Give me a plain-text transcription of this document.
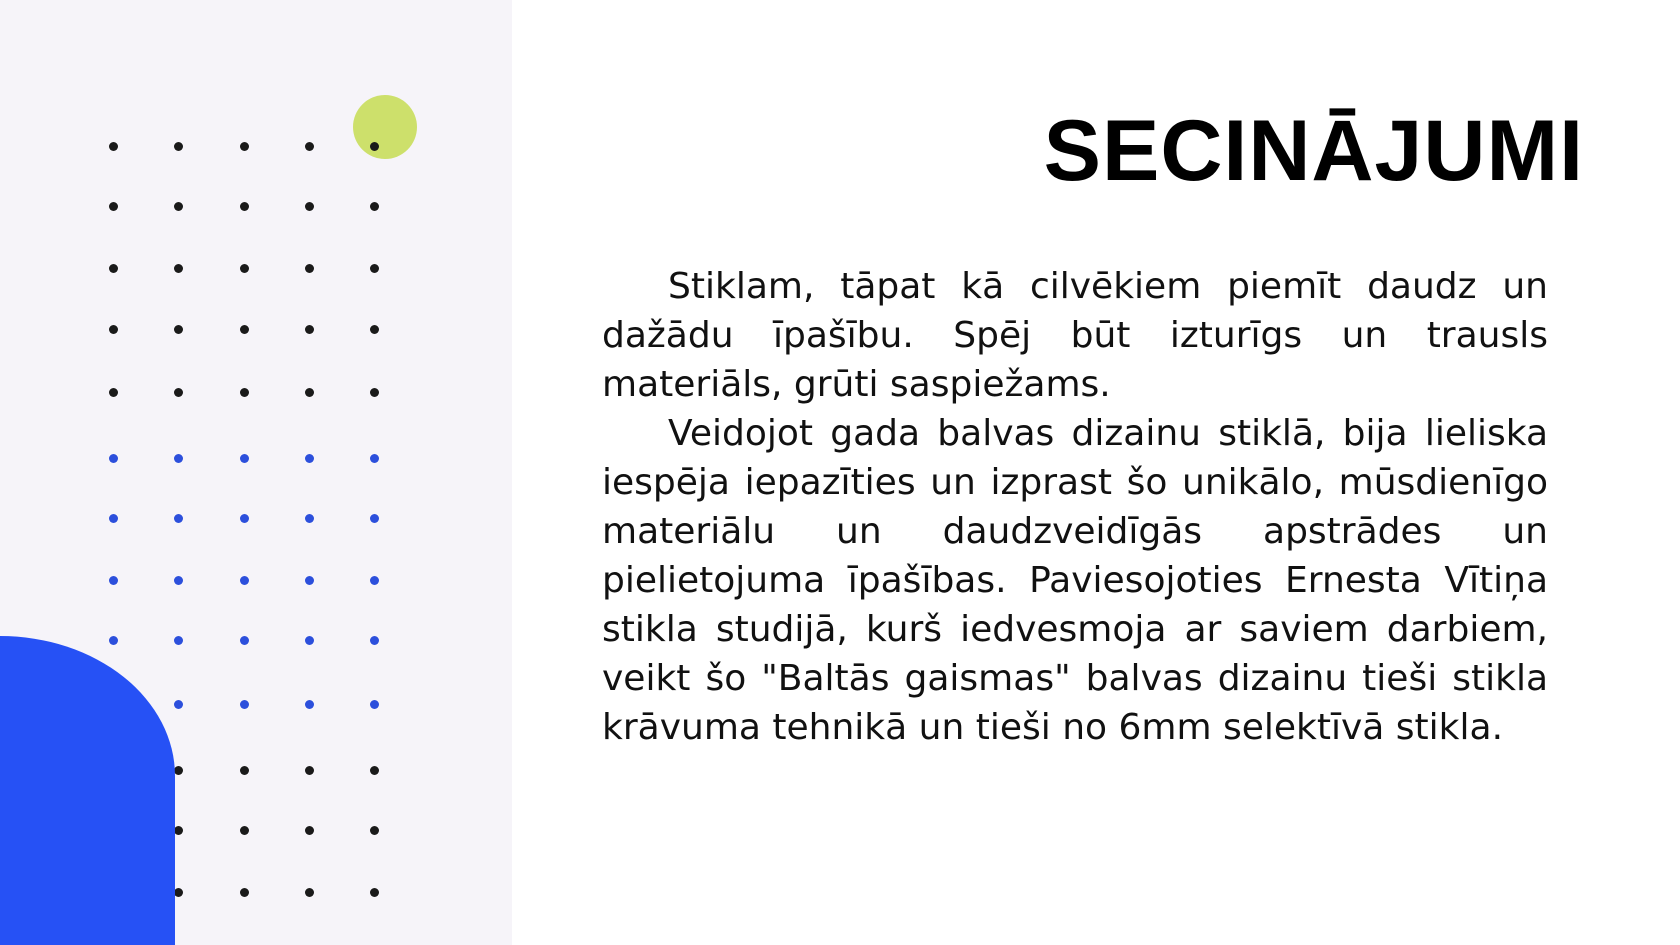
SECINĀJUMI

Stiklam, tāpat kā cilvēkiem piemīt daudz un dažādu īpašību. Spēj būt izturīgs un trausls materiāls, grūti saspiežams.

Veidojot gada balvas dizainu stiklā, bija lieliska iespēja iepazīties un izprast šo unikālo, mūsdienīgo materiālu un daudzveidīgās apstrādes un pielietojuma īpašības. Paviesojoties Ernesta Vītiņa stikla studijā, kurš iedvesmoja ar saviem darbiem, veikt šo "Baltās gaismas" balvas dizainu tieši stikla krāvuma tehnikā un tieši no 6mm selektīvā stikla.
